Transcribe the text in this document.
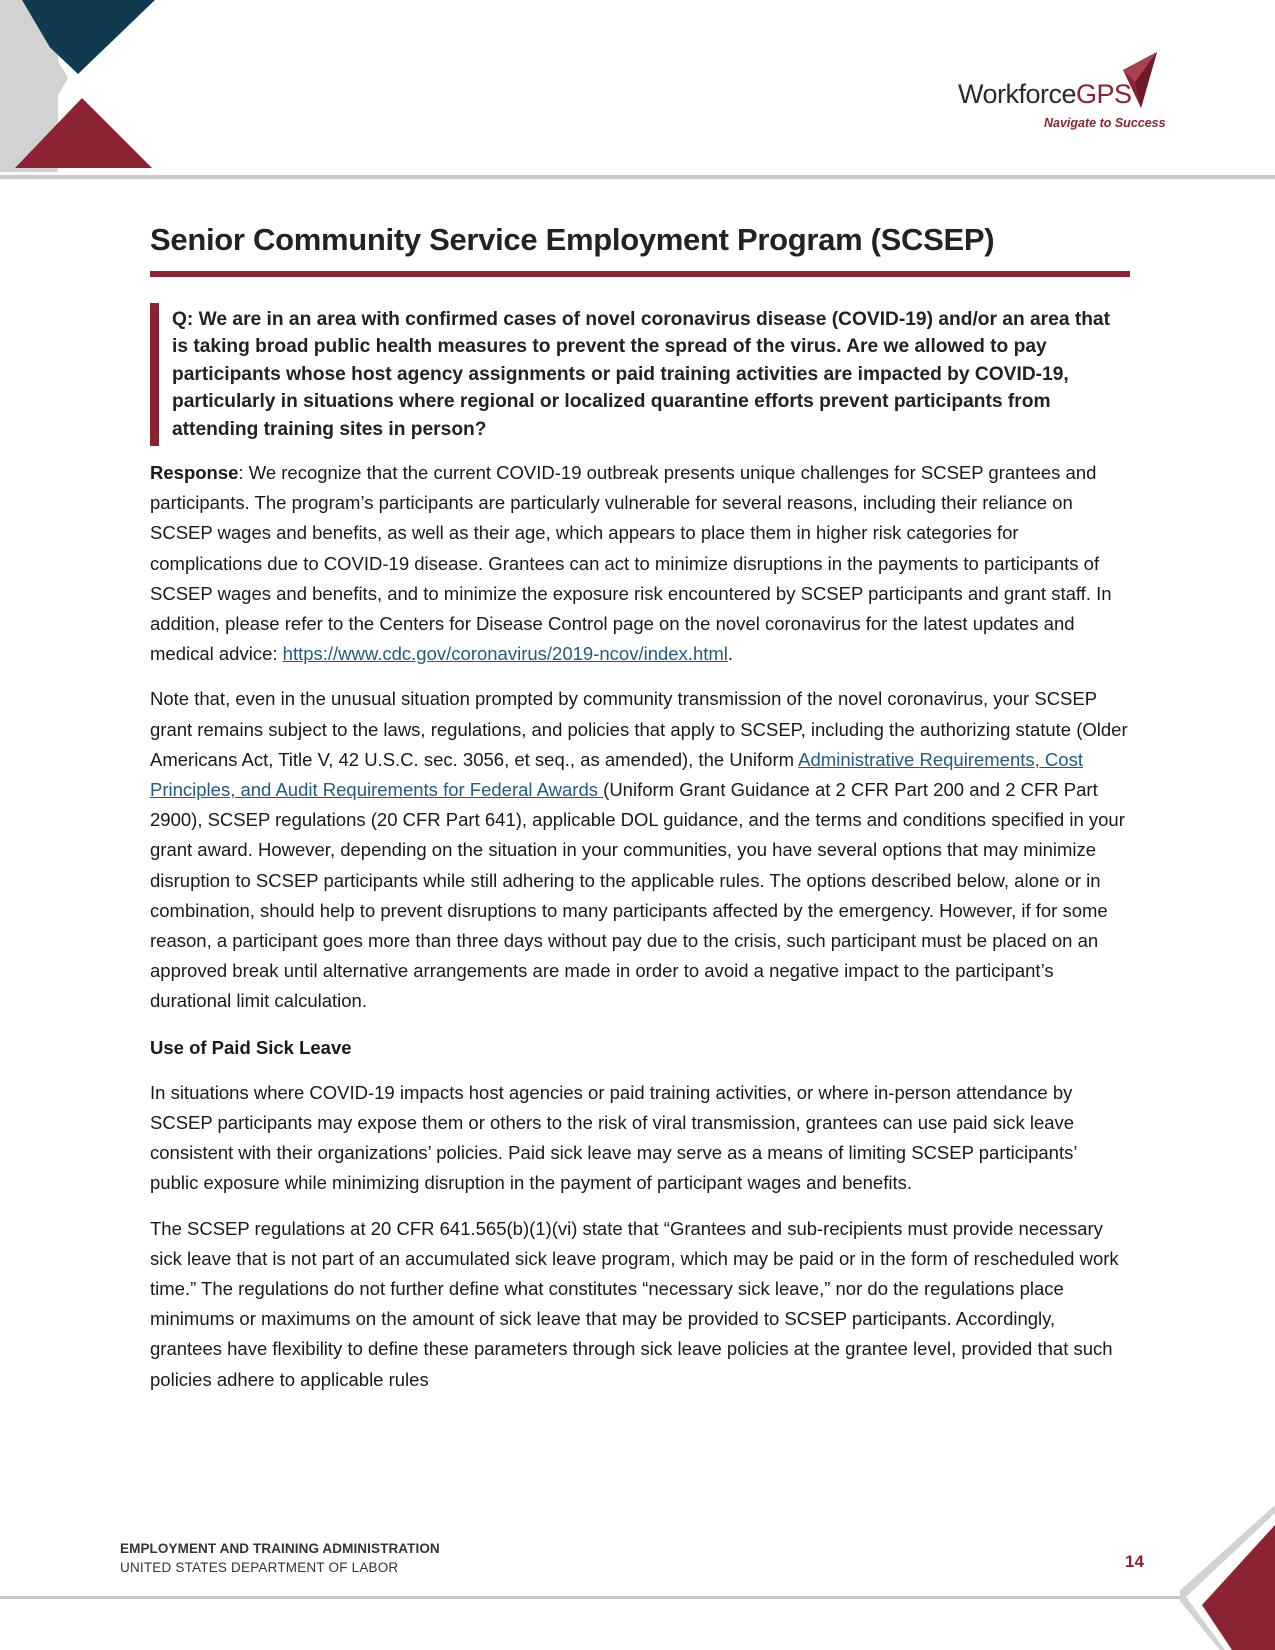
WorkforceGPS
Navigate to Success
Senior Community Service Employment Program (SCSEP)
Q: We are in an area with confirmed cases of novel coronavirus disease (COVID-19) and/or an area that is taking broad public health measures to prevent the spread of the virus. Are we allowed to pay participants whose host agency assignments or paid training activities are impacted by COVID-19, particularly in situations where regional or localized quarantine efforts prevent participants from attending training sites in person?

Response: We recognize that the current COVID-19 outbreak presents unique challenges for SCSEP grantees and participants. The program’s participants are particularly vulnerable for several reasons, including their reliance on SCSEP wages and benefits, as well as their age, which appears to place them in higher risk categories for complications due to COVID-19 disease. Grantees can act to minimize disruptions in the payments to participants of SCSEP wages and benefits, and to minimize the exposure risk encountered by SCSEP participants and grant staff. In addition, please refer to the Centers for Disease Control page on the novel coronavirus for the latest updates and medical advice: https://www.cdc.gov/coronavirus/2019-ncov/index.html.

Note that, even in the unusual situation prompted by community transmission of the novel coronavirus, your SCSEP grant remains subject to the laws, regulations, and policies that apply to SCSEP, including the authorizing statute (Older Americans Act, Title V, 42 U.S.C. sec. 3056, et seq., as amended), the Uniform Administrative Requirements, Cost Principles, and Audit Requirements for Federal Awards (Uniform Grant Guidance at 2 CFR Part 200 and 2 CFR Part 2900), SCSEP regulations (20 CFR Part 641), applicable DOL guidance, and the terms and conditions specified in your grant award. However, depending on the situation in your communities, you have several options that may minimize disruption to SCSEP participants while still adhering to the applicable rules. The options described below, alone or in combination, should help to prevent disruptions to many participants affected by the emergency. However, if for some reason, a participant goes more than three days without pay due to the crisis, such participant must be placed on an approved break until alternative arrangements are made in order to avoid a negative impact to the participant’s durational limit calculation.

Use of Paid Sick Leave

In situations where COVID-19 impacts host agencies or paid training activities, or where in-person attendance by SCSEP participants may expose them or others to the risk of viral transmission, grantees can use paid sick leave consistent with their organizations’ policies. Paid sick leave may serve as a means of limiting SCSEP participants’ public exposure while minimizing disruption in the payment of participant wages and benefits.

The SCSEP regulations at 20 CFR 641.565(b)(1)(vi) state that “Grantees and sub-recipients must provide necessary sick leave that is not part of an accumulated sick leave program, which may be paid or in the form of rescheduled work time.” The regulations do not further define what constitutes “necessary sick leave,” nor do the regulations place minimums or maximums on the amount of sick leave that may be provided to SCSEP participants. Accordingly, grantees have flexibility to define these parameters through sick leave policies at the grantee level, provided that such policies adhere to applicable rules

EMPLOYMENT AND TRAINING ADMINISTRATION
UNITED STATES DEPARTMENT OF LABOR	14
